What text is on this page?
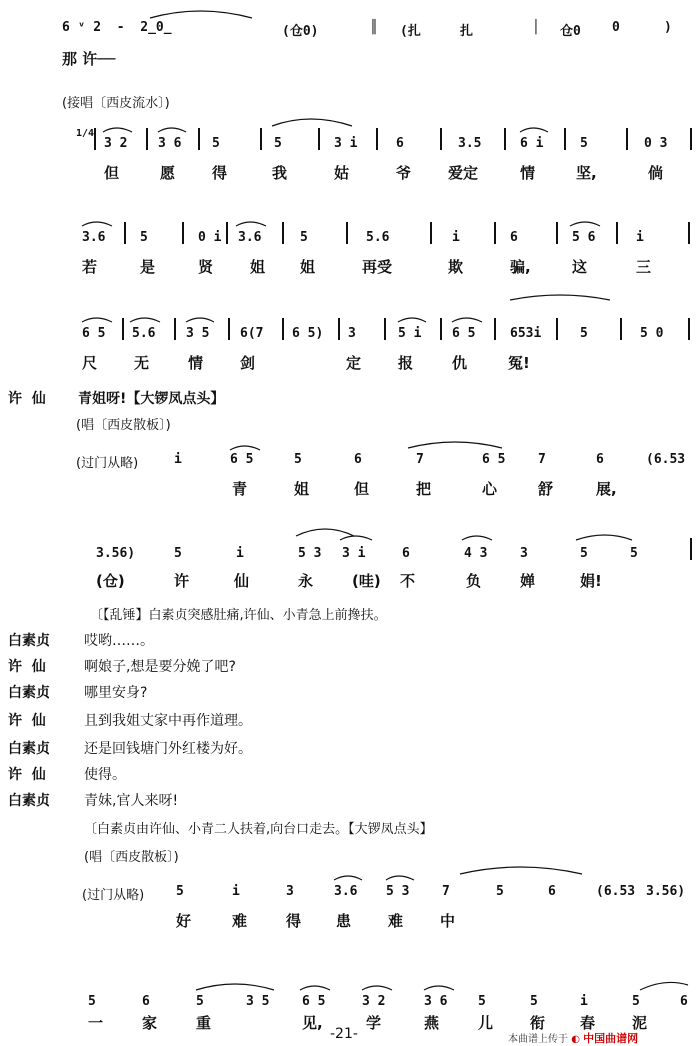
6 ᵛ 2  -  2̲0̲	(仓0)	║ (扎	扎	│ 仓0 0	)
那 许──
(接唱〔西皮流水〕)
1/4
3 2 3 6 5	5	3 i	6	3.5	6 i	5	0 3
但	愿 得	我	姑	爷 爱定	情	坚,	倘
3.6	5	0 i 3.6	5	5.6	i	6	5 6	i
若	是	贤 姐 姐	再受	欺	骗,	这	三
6 5 5.6 3 5 6(7 6 5) 3	5 i 6 5	653i	5	5 0
尺 无	情 剑	定 报	仇	冤!
许  仙 青姐呀!【大锣凤点头】
(唱〔西皮散板〕)
(过门从略)	i	6 5	5	6	7	6 5	7	6	(6.53
青	姐	但	把	心	舒	展,
3.56)	5	i	5 3 3 i	6	4 3	3	5	5
(仓)	许	仙	永	(哇) 不	负	婵	娟!
〔【乱锤】白素贞突感肚痛,许仙、小青急上前搀扶。
白素贞 哎哟……。
许  仙	啊娘子,想是要分娩了吧?
白素贞 哪里安身?
许  仙	且到我姐丈家中再作道理。
白素贞 还是回钱塘门外红楼为好。
许  仙	使得。
白素贞 青妹,官人来呀!
〔白素贞由许仙、小青二人扶着,向台口走去。【大锣凤点头】
(唱〔西皮散板〕)
(过门从略) 5	i	3	3.6 5 3	7	5	6	(6.53 3.56)
好	难	得 患 难 中
5	6	5	3 5	6 5	3 2	3 6 5	5	i	5	6
一	家	重	见,	学	燕	儿 衔 春 泥
-21-	本曲谱上传于 ◐ 中国曲谱网
